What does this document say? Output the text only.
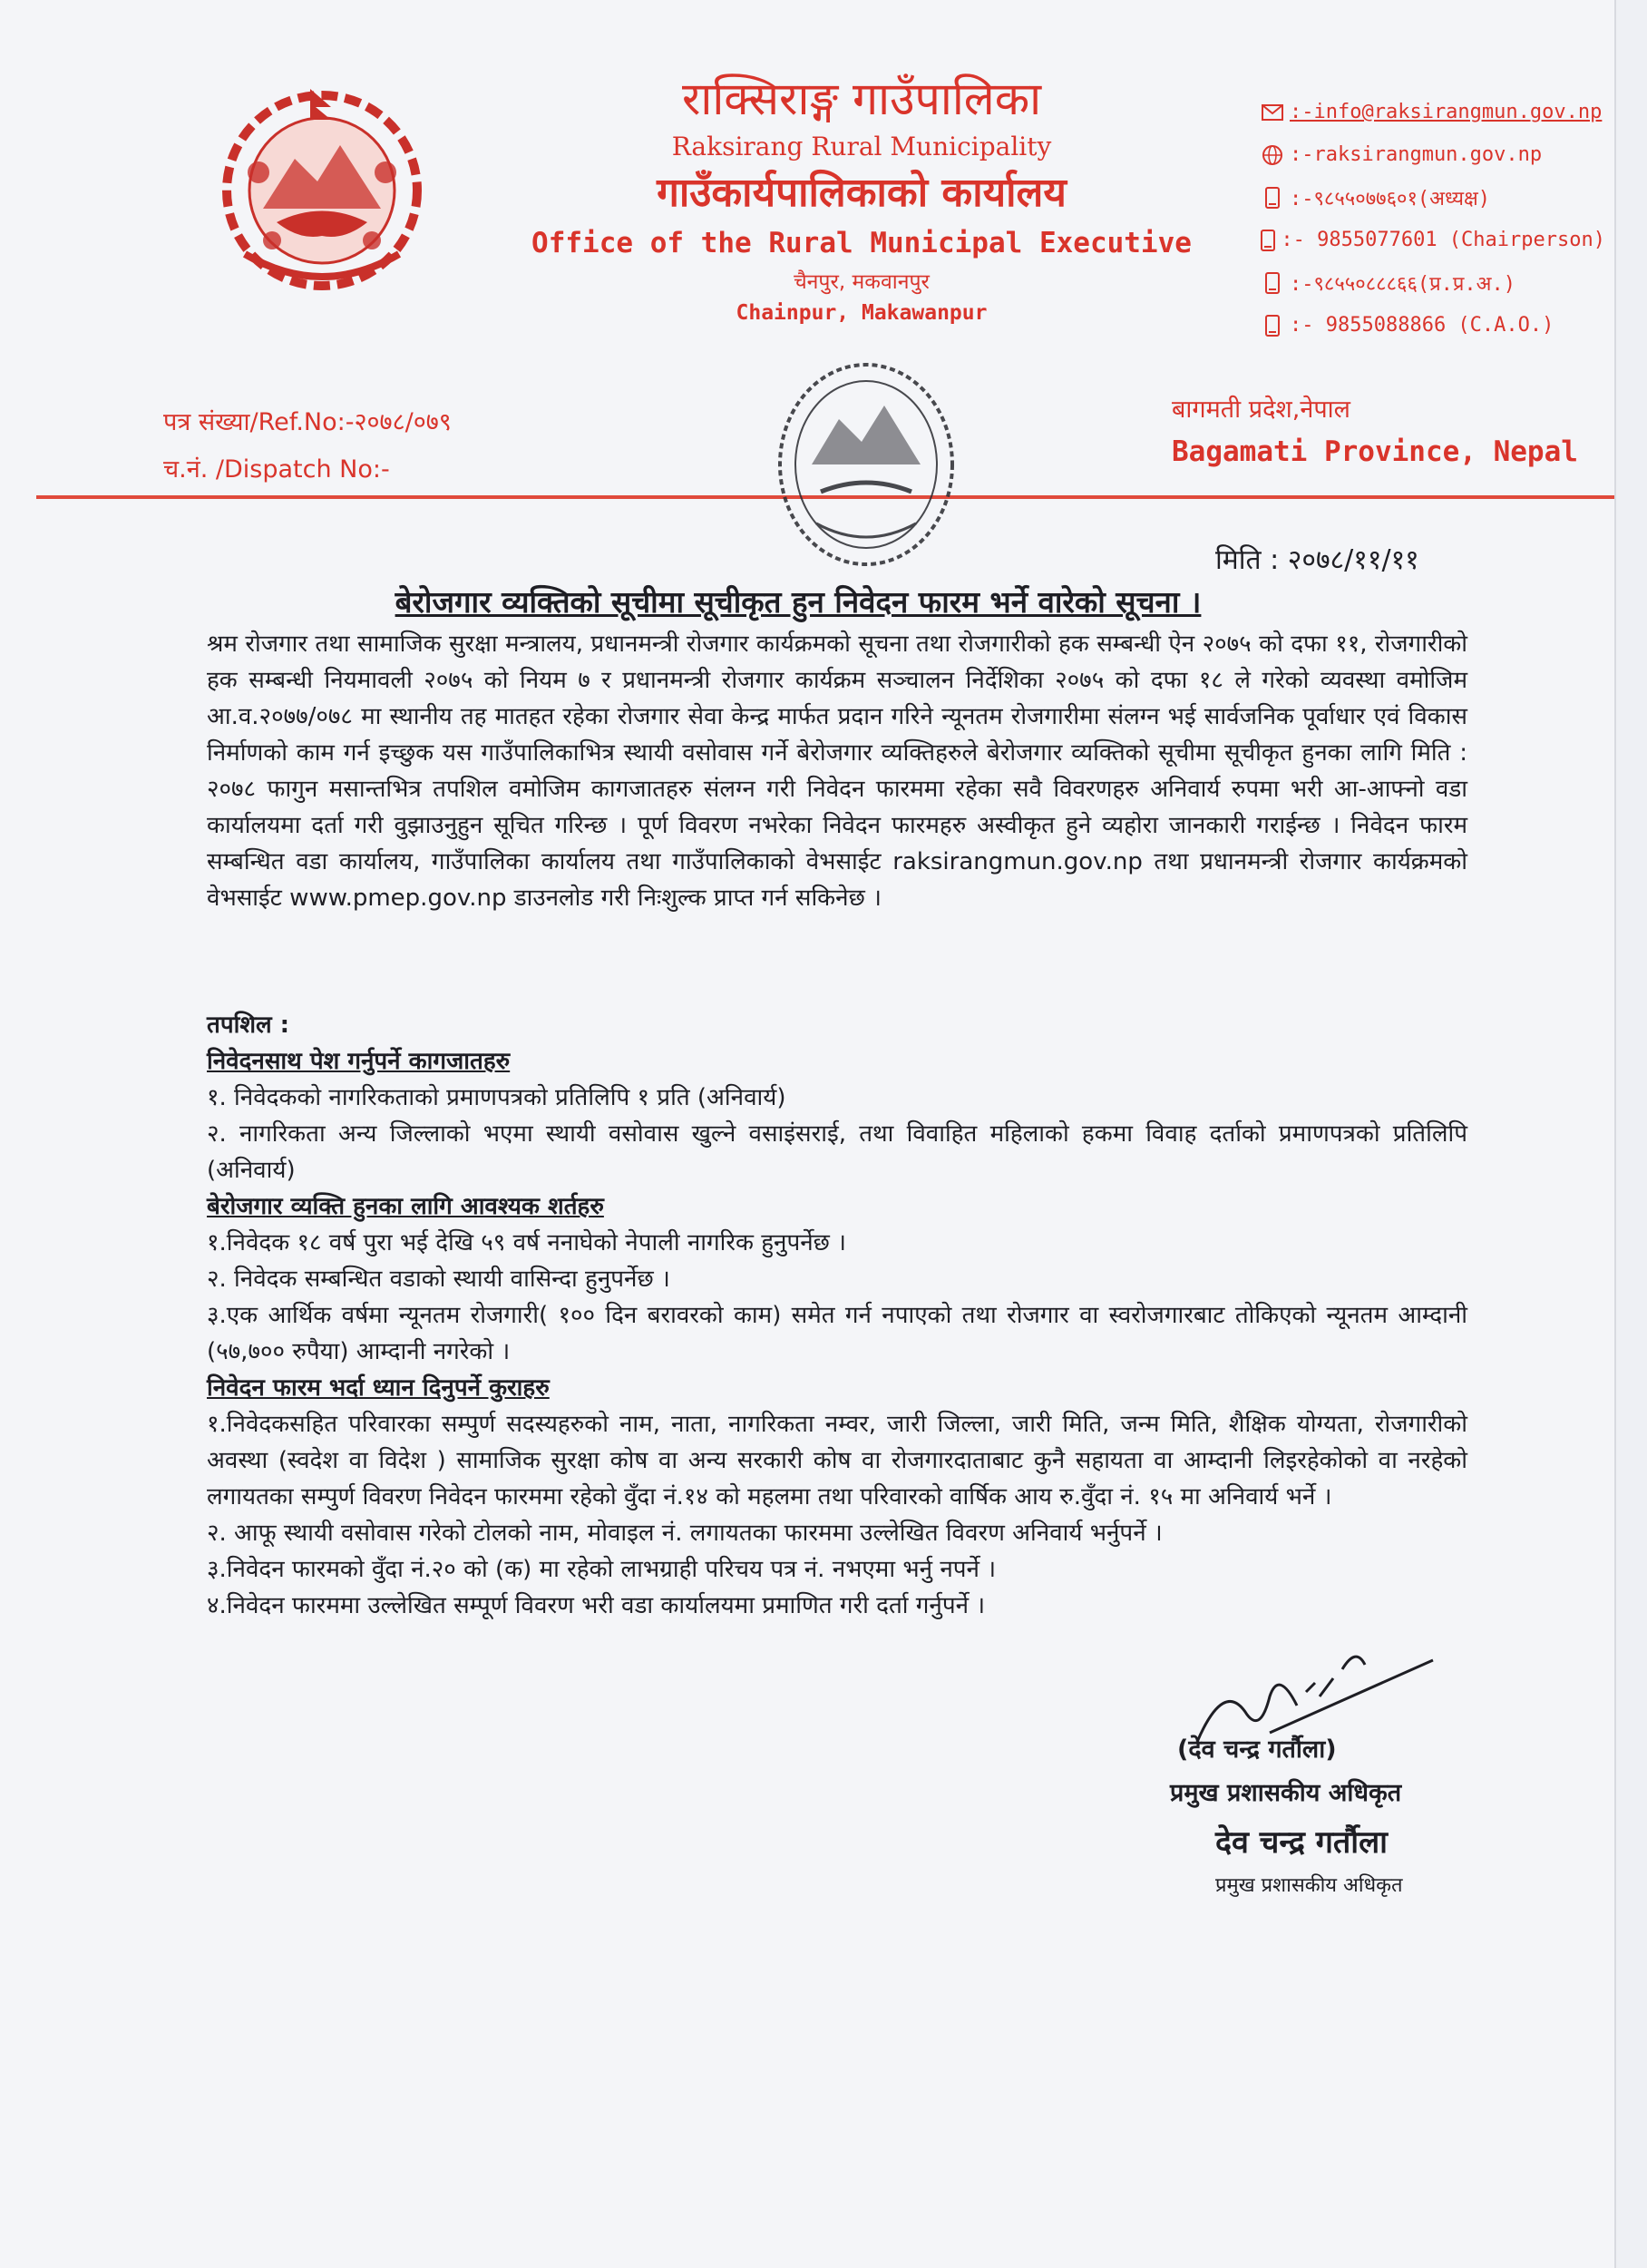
राक्सिराङ्ग गाउँपालिका
Raksirang Rural Municipality
गाउँकार्यपालिकाको कार्यालय
Office of the Rural Municipal Executive
चैनपुर, मकवानपुर
Chainpur, Makawanpur
:-info@raksirangmun.gov.np
:-raksirangmun.gov.np
:-९८५५०७७६०१(अध्यक्ष)
:- 9855077601 (Chairperson)
:-९८५५०८८८६६(प्र.प्र.अ.)
:- 9855088866 (C.A.O.)
पत्र संख्या/Ref.No:-२०७८/०७९
च.नं. /Dispatch No:-
बागमती प्रदेश,नेपाल
Bagamati Province, Nepal
मिति : २०७८/११/११
बेरोजगार व्यक्तिको सूचीमा सूचीकृत हुन निवेदन फारम भर्ने वारेको सूचना ।

श्रम रोजगार तथा सामाजिक सुरक्षा मन्त्रालय, प्रधानमन्त्री रोजगार कार्यक्रमको सूचना तथा रोजगारीको हक सम्बन्धी ऐन २०७५ को दफा ११, रोजगारीको हक सम्बन्धी नियमावली २०७५ को नियम ७ र प्रधानमन्त्री रोजगार कार्यक्रम सञ्चालन निर्देशिका २०७५ को दफा १८ ले गरेको व्यवस्था वमोजिम आ.व.२०७७/०७८ मा स्थानीय तह मातहत रहेका रोजगार सेवा केन्द्र मार्फत प्रदान गरिने न्यूनतम रोजगारीमा संलग्न भई सार्वजनिक पूर्वाधार एवं विकास निर्माणको काम गर्न इच्छुक यस गाउँपालिकाभित्र स्थायी वसोवास गर्ने बेरोजगार व्यक्तिहरुले बेरोजगार व्यक्तिको सूचीमा सूचीकृत हुनका लागि मिति : २०७८ फागुन मसान्तभित्र तपशिल वमोजिम कागजातहरु संलग्न गरी निवेदन फारममा रहेका सवै विवरणहरु अनिवार्य रुपमा भरी आ-आफ्नो वडा कार्यालयमा दर्ता गरी वुझाउनुहुन सूचित गरिन्छ । पूर्ण विवरण नभरेका निवेदन फारमहरु अस्वीकृत हुने व्यहोरा जानकारी गराईन्छ । निवेदन फारम सम्बन्धित वडा कार्यालय, गाउँपालिका कार्यालय तथा गाउँपालिकाको वेभसाईट raksirangmun.gov.np तथा प्रधानमन्त्री रोजगार कार्यक्रमको वेभसाईट www.pmep.gov.np डाउनलोड गरी निःशुल्क प्राप्त गर्न सकिनेछ ।

तपशिल :
निवेदनसाथ पेश गर्नुपर्ने कागजातहरु
१. निवेदकको नागरिकताको प्रमाणपत्रको प्रतिलिपि १ प्रति (अनिवार्य)
२. नागरिकता अन्य जिल्लाको भएमा स्थायी वसोवास खुल्ने वसाइंसराई, तथा विवाहित महिलाको हकमा विवाह दर्ताको प्रमाणपत्रको प्रतिलिपि (अनिवार्य)
बेरोजगार व्यक्ति हुनका लागि आवश्यक शर्तहरु
१.निवेदक १८ वर्ष पुरा भई देखि ५९ वर्ष ननाघेको नेपाली नागरिक हुनुपर्नेछ ।
२. निवेदक सम्बन्धित वडाको स्थायी वासिन्दा हुनुपर्नेछ ।
३.एक आर्थिक वर्षमा न्यूनतम रोजगारी( १०० दिन बरावरको काम) समेत गर्न नपाएको तथा रोजगार वा स्वरोजगारबाट तोकिएको न्यूनतम आम्दानी (५७,७०० रुपैया) आम्दानी नगरेको ।
निवेदन फारम भर्दा ध्यान दिनुपर्ने कुराहरु
१.निवेदकसहित परिवारका सम्पुर्ण सदस्यहरुको नाम, नाता, नागरिकता नम्वर, जारी जिल्ला, जारी मिति, जन्म मिति, शैक्षिक योग्यता, रोजगारीको अवस्था (स्वदेश वा विदेश ) सामाजिक सुरक्षा कोष वा अन्य सरकारी कोष वा रोजगारदाताबाट कुनै सहायता वा आम्दानी लिइरहेकोको वा नरहेको लगायतका सम्पुर्ण विवरण निवेदन फारममा रहेको वुँदा नं.१४ को महलमा तथा परिवारको वार्षिक आय रु.वुँदा नं. १५ मा अनिवार्य भर्ने ।
२. आफू स्थायी वसोवास गरेको टोलको नाम, मोवाइल नं. लगायतका फारममा उल्लेखित विवरण अनिवार्य भर्नुपर्ने ।
३.निवेदन फारमको वुँदा नं.२० को (क) मा रहेको लाभग्राही परिचय पत्र नं. नभएमा भर्नु नपर्ने ।
४.निवेदन फारममा उल्लेखित सम्पूर्ण विवरण भरी वडा कार्यालयमा प्रमाणित गरी दर्ता गर्नुपर्ने ।
(देव चन्द्र गर्तौला)
प्रमुख प्रशासकीय अधिकृत
देव चन्द्र गर्तौला
प्रमुख प्रशासकीय अधिकृत
